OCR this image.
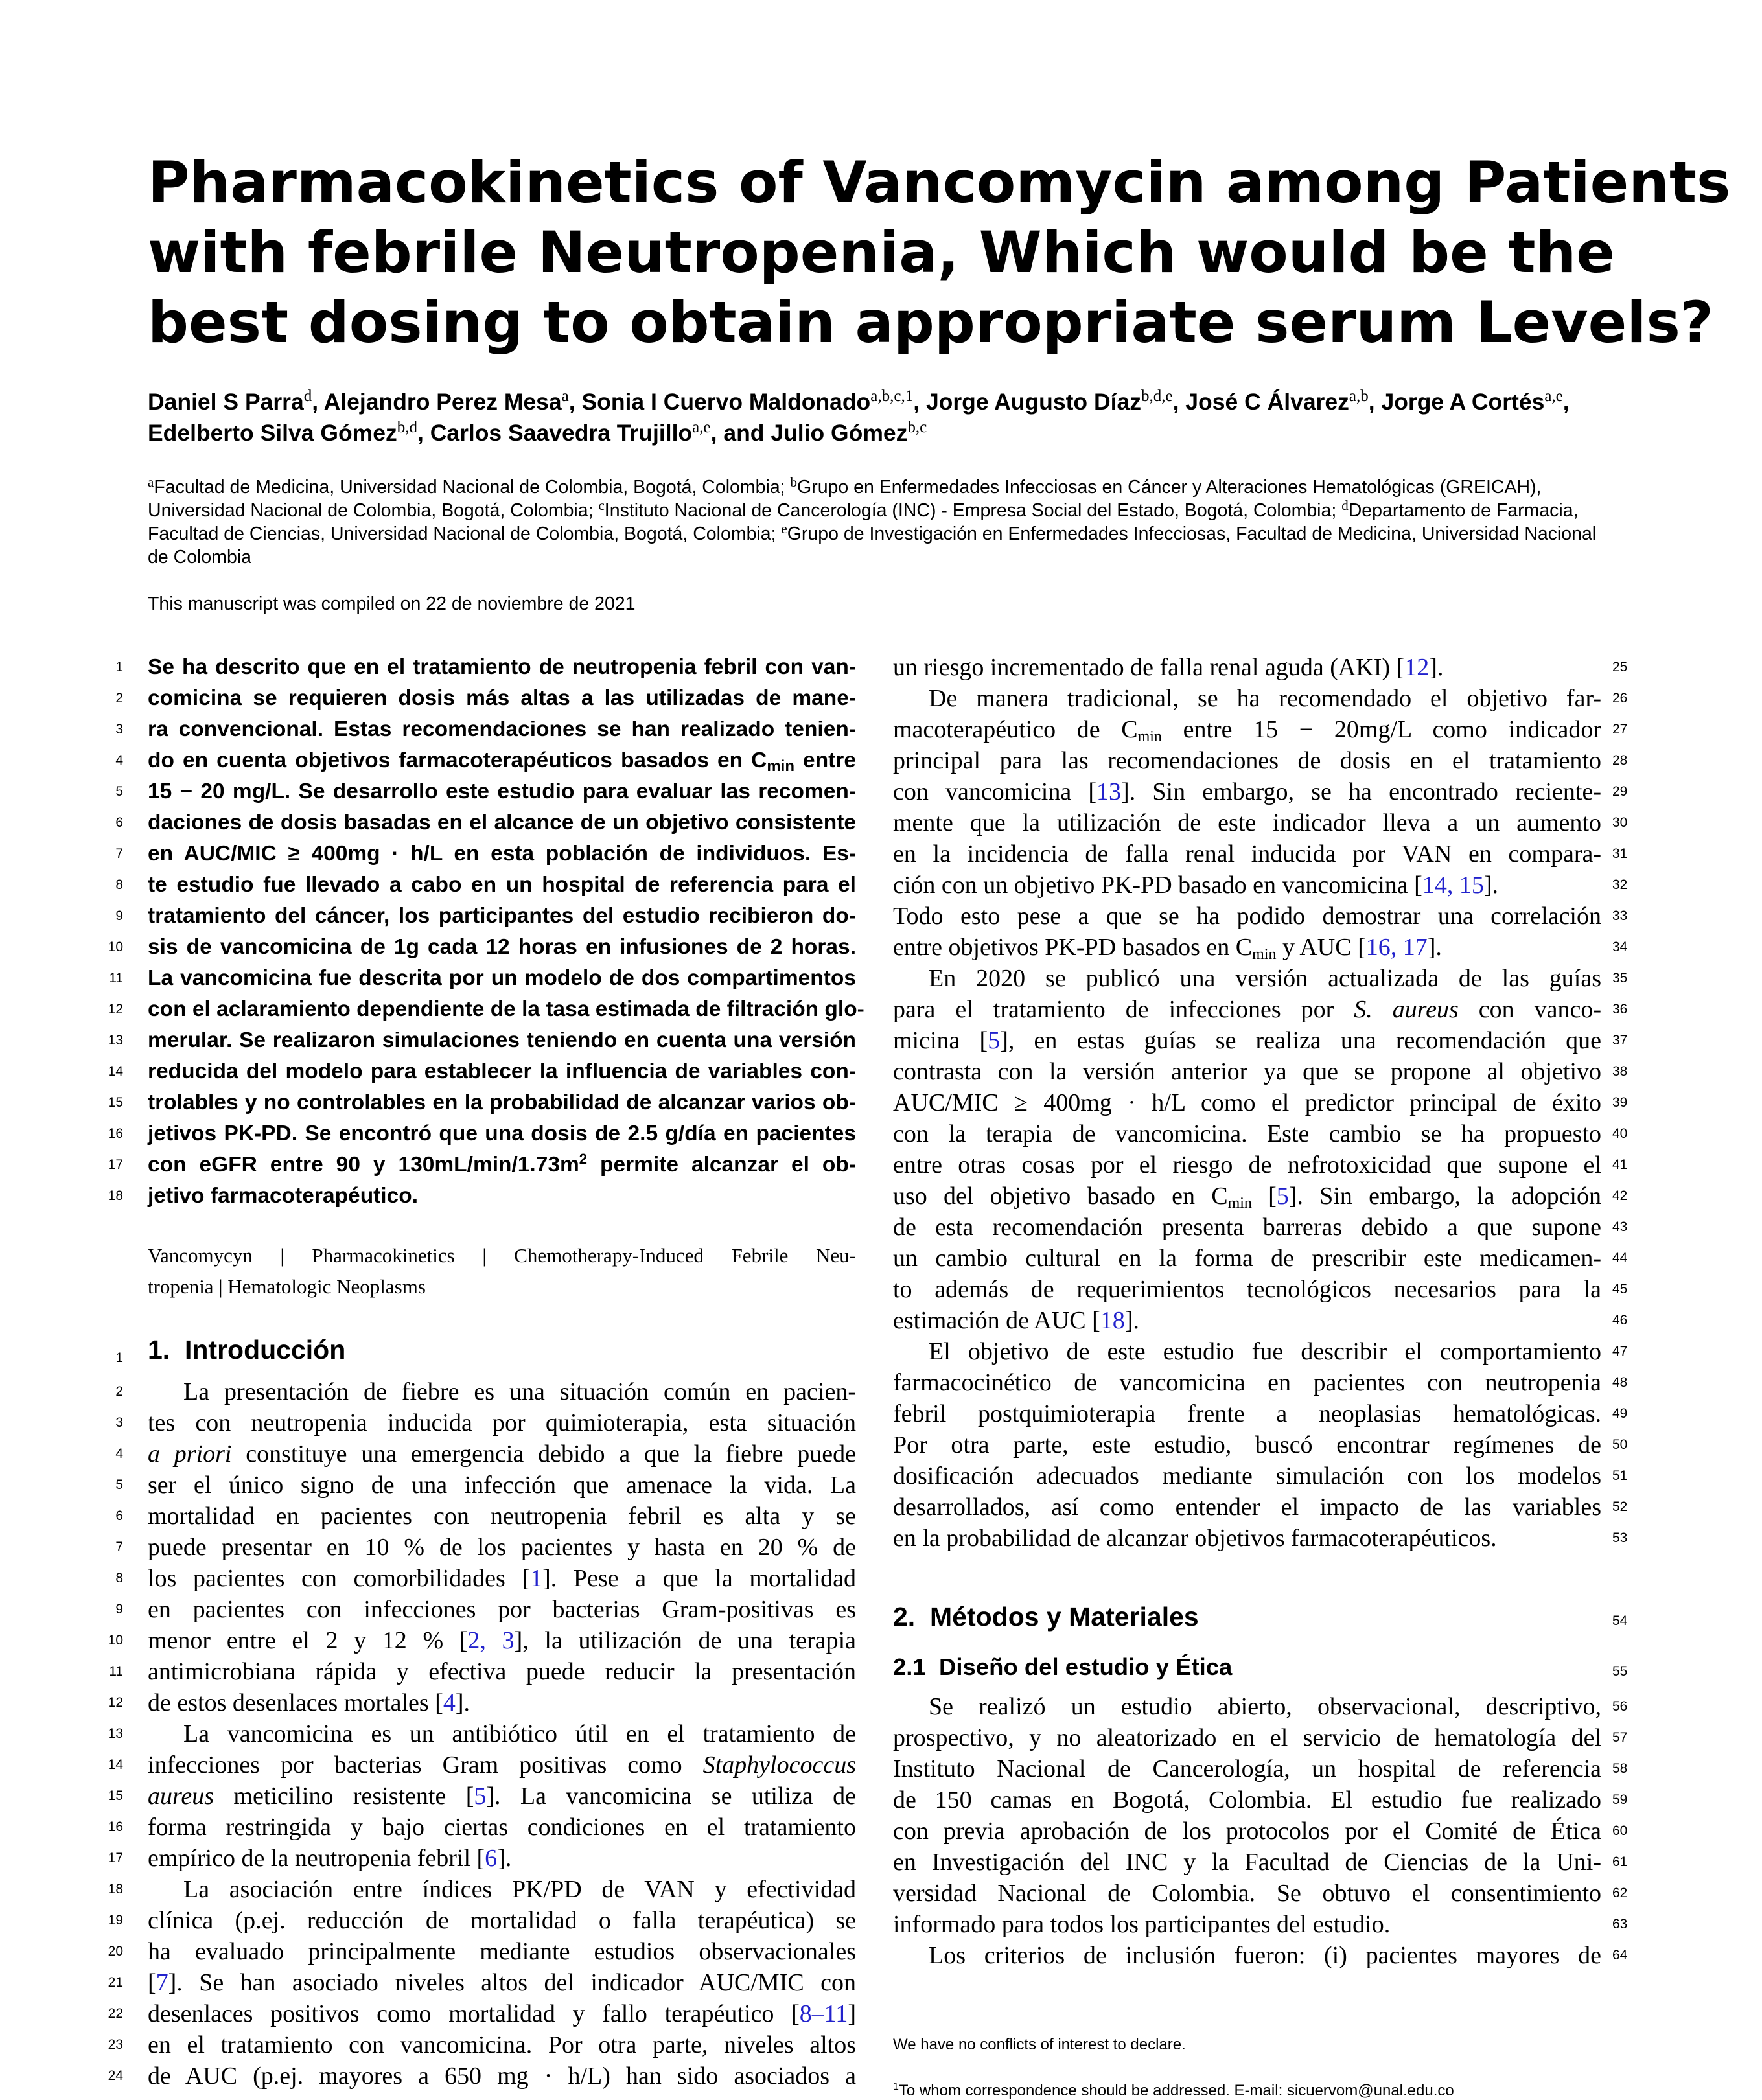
Pharmacokinetics of Vancomycin among Patients
with febrile Neutropenia, Which would be the
best dosing to obtain appropriate serum Levels?
Daniel S Parra$^d$, Alejandro Perez Mesa$^a$, Sonia I Cuervo Maldonado$^{a,b,c,1}$, Jorge Augusto Díaz$^{b,d,e}$, José C Álvarez$^{a,b}$, Jorge A Cortés$^{a,e}$, Edelberto Silva Gómez$^{b,d}$, Carlos Saavedra Trujillo$^{a,e}$, and Julio Gómez$^{b,c}$
$^a$Facultad de Medicina, Universidad Nacional de Colombia, Bogotá, Colombia; $^b$Grupo en Enfermedades Infecciosas en Cáncer y Alteraciones Hematológicas (GREICAH), Universidad Nacional de Colombia, Bogotá, Colombia; $^c$Instituto Nacional de Cancerología (INC) - Empresa Social del Estado, Bogotá, Colombia; $^d$Departamento de Farmacia, Facultad de Ciencias, Universidad Nacional de Colombia, Bogotá, Colombia; $^e$Grupo de Investigación en Enfermedades Infecciosas, Facultad de Medicina, Universidad Nacional de Colombia
This manuscript was compiled on 22 de noviembre de 2021
Se ha descrito que en el tratamiento de neutropenia febril con van-
1
comicina se requieren dosis más altas a las utilizadas de mane-
2
ra convencional. Estas recomendaciones se han realizado tenien-
3
do en cuenta objetivos farmacoterapéuticos basados en $C_{min}$ entre
4
15 − 20 mg/L. Se desarrollo este estudio para evaluar las recomen-
5
daciones de dosis basadas en el alcance de un objetivo consistente
6
en AUC/MIC ≥ 400mg · h/L en esta población de individuos. Es-
7
te estudio fue llevado a cabo en un hospital de referencia para el
8
tratamiento del cáncer, los participantes del estudio recibieron do-
9
sis de vancomicina de 1g cada 12 horas en infusiones de 2 horas.
10
La vancomicina fue descrita por un modelo de dos compartimentos
11
con el aclaramiento dependiente de la tasa estimada de filtración glo-
12
merular. Se realizaron simulaciones teniendo en cuenta una versión
13
reducida del modelo para establecer la influencia de variables con-
14
trolables y no controlables en la probabilidad de alcanzar varios ob-
15
jetivos PK-PD. Se encontró que una dosis de 2.5 g/día en pacientes
16
con eGFR entre 90 y $130mL/\min/1.73m^2$ permite alcanzar el ob-
17
jetivo farmacoterapéutico.
18
Vancomycyn | Pharmacokinetics | Chemotherapy-Induced Febrile Neu-
tropenia | Hematologic Neoplasms
1. Introducción
1
La presentación de fiebre es una situación común en pacien-
2
tes con neutropenia inducida por quimioterapia, esta situación
3
a priori constituye una emergencia debido a que la fiebre puede
4
ser el único signo de una infección que amenace la vida. La
5
mortalidad en pacientes con neutropenia febril es alta y se
6
puede presentar en 10 % de los pacientes y hasta en 20 % de
7
los pacientes con comorbilidades [1]. Pese a que la mortalidad
8
en pacientes con infecciones por bacterias Gram-positivas es
9
menor entre el 2 y 12 % [2, 3], la utilización de una terapia
10
antimicrobiana rápida y efectiva puede reducir la presentación
11
de estos desenlaces mortales [4].
12
La vancomicina es un antibiótico útil en el tratamiento de
13
infecciones por bacterias Gram positivas como Staphylococcus
14
aureus meticilino resistente [5]. La vancomicina se utiliza de
15
forma restringida y bajo ciertas condiciones en el tratamiento
16
empírico de la neutropenia febril [6].
17
La asociación entre índices PK/PD de VAN y efectividad
18
clínica (p.ej. reducción de mortalidad o falla terapéutica) se
19
ha evaluado principalmente mediante estudios observacionales
20
[7]. Se han asociado niveles altos del indicador AUC/MIC con
21
desenlaces positivos como mortalidad y fallo terapéutico [8–11]
22
en el tratamiento con vancomicina. Por otra parte, niveles altos
23
de AUC (p.ej. mayores a 650 mg · h/L) han sido asociados a
24
un riesgo incrementado de falla renal aguda (AKI) [12].	25
De manera tradicional, se ha recomendado el objetivo far- 26
macoterapéutico de $C_{min}$ entre 15 − 20mg/L como indicador 27
principal para las recomendaciones de dosis en el tratamiento 28
con vancomicina [13]. Sin embargo, se ha encontrado reciente- 29
mente que la utilización de este indicador lleva a un aumento 30
en la incidencia de falla renal inducida por VAN en compara- 31
ción con un objetivo PK-PD basado en vancomicina [14, 15].	32
Todo esto pese a que se ha podido demostrar una correlación 33
entre objetivos PK-PD basados en $C_{min}$ y AUC [16, 17].	34
En 2020 se publicó una versión actualizada de las guías 35
para el tratamiento de infecciones por S. aureus con vanco- 36
micina [5], en estas guías se realiza una recomendación que 37
contrasta con la versión anterior ya que se propone al objetivo 38
AUC/MIC ≥ 400mg · h/L como el predictor principal de éxito 39
con la terapia de vancomicina. Este cambio se ha propuesto 40
entre otras cosas por el riesgo de nefrotoxicidad que supone el 41
uso del objetivo basado en $C_{min}$ [5]. Sin embargo, la adopción 42
de esta recomendación presenta barreras debido a que supone 43
un cambio cultural en la forma de prescribir este medicamen- 44
to además de requerimientos tecnológicos necesarios para la 45
estimación de AUC [18].	46
El objetivo de este estudio fue describir el comportamiento 47
farmacocinético de vancomicina en pacientes con neutropenia 48
febril postquimioterapia frente a neoplasias hematológicas. 49
Por otra parte, este estudio, buscó encontrar regímenes de 50
dosificación adecuados mediante simulación con los modelos 51
desarrollados, así como entender el impacto de las variables 52
en la probabilidad de alcanzar objetivos farmacoterapéuticos.	53
2. Métodos y Materiales	54
2.1 Diseño del estudio y Ética	55
Se realizó un estudio abierto, observacional, descriptivo, 56
prospectivo, y no aleatorizado en el servicio de hematología del 57
Instituto Nacional de Cancerología, un hospital de referencia 58
de 150 camas en Bogotá, Colombia. El estudio fue realizado 59
con previa aprobación de los protocolos por el Comité de Ética 60
en Investigación del INC y la Facultad de Ciencias de la Uni- 61
versidad Nacional de Colombia. Se obtuvo el consentimiento 62
informado para todos los participantes del estudio.	63
Los criterios de inclusión fueron: (i) pacientes mayores de 64
We have no conflicts of interest to declare.
$^1$To whom correspondence should be addressed. E-mail: sicuervom@unal.edu.co
